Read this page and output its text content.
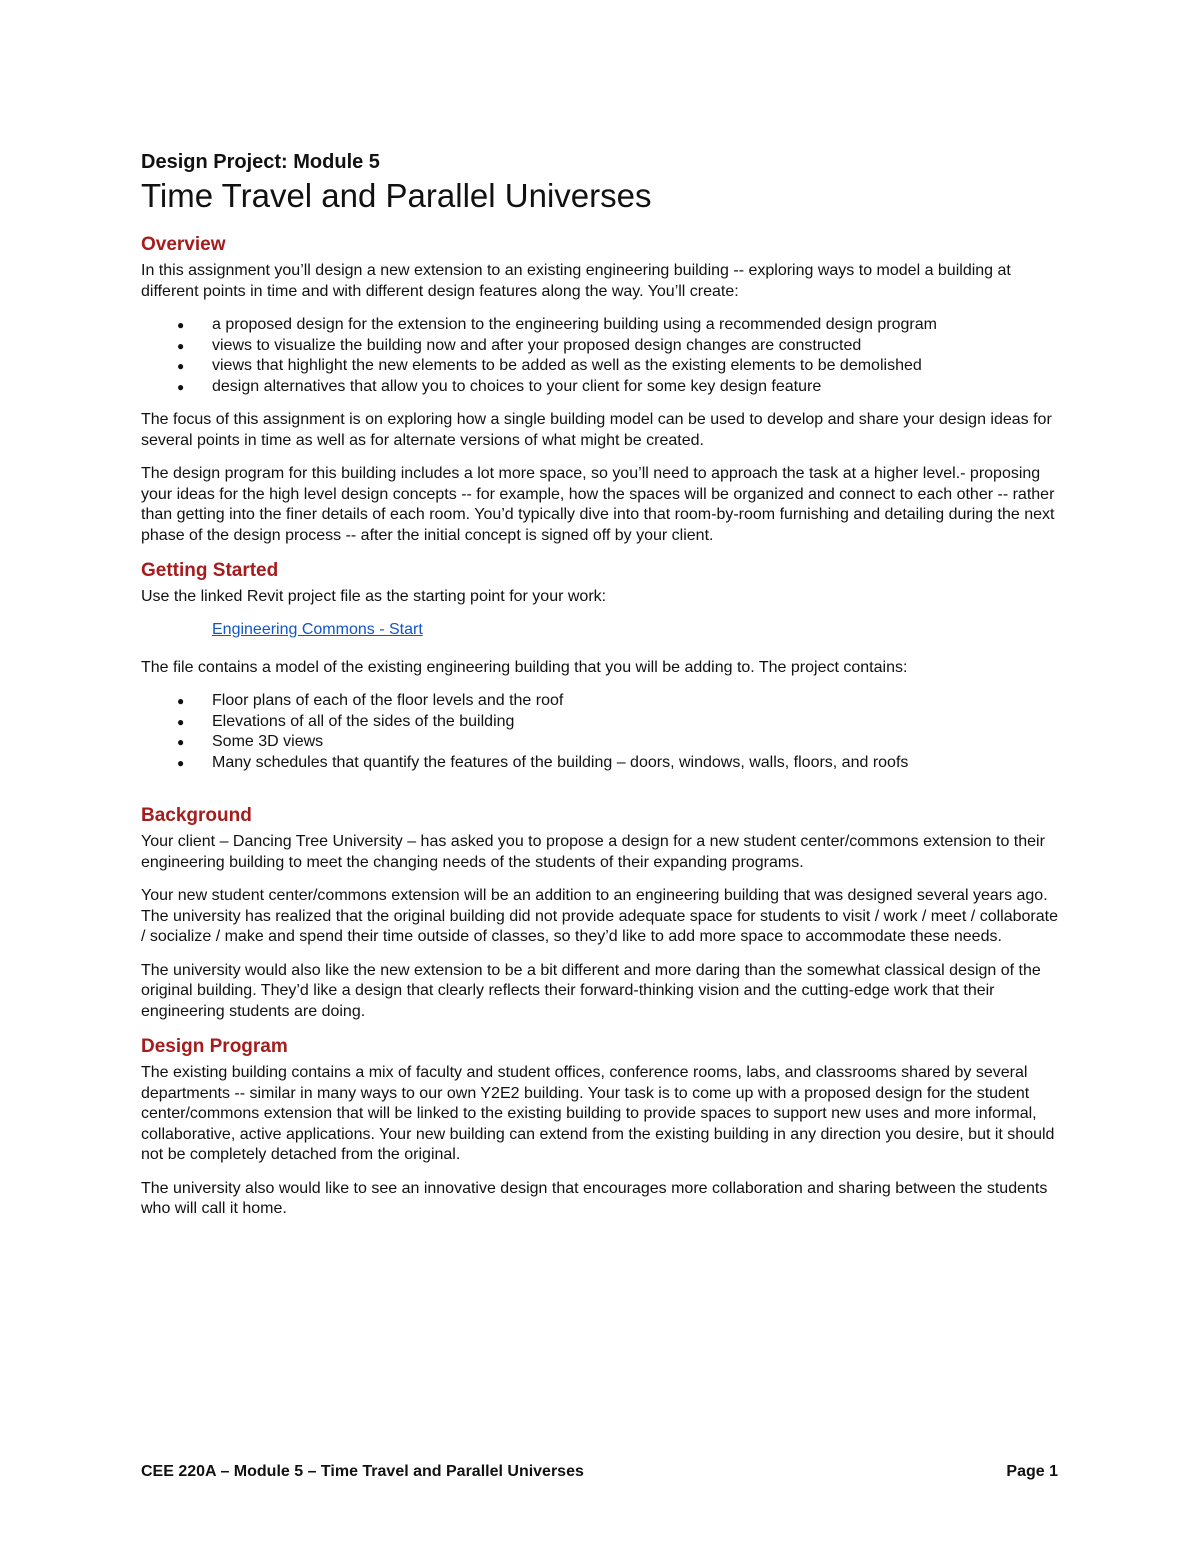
Design Project: Module 5
Time Travel and Parallel Universes
Overview

In this assignment you’ll design a new extension to an existing engineering building -- exploring ways to model a building at different points in time and with different design features along the way. You’ll create:

● a proposed design for the extension to the engineering building using a recommended design program
● views to visualize the building now and after your proposed design changes are constructed
● views that highlight the new elements to be added as well as the existing elements to be demolished
● design alternatives that allow you to choices to your client for some key design feature

The focus of this assignment is on exploring how a single building model can be used to develop and share your design ideas for several points in time as well as for alternate versions of what might be created.

The design program for this building includes a lot more space, so you’ll need to approach the task at a higher level.- proposing your ideas for the high level design concepts -- for example, how the spaces will be organized and connect to each other -- rather than getting into the finer details of each room. You’d typically dive into that room-by-room furnishing and detailing during the next phase of the design process -- after the initial concept is signed off by your client.

Getting Started

Use the linked Revit project file as the starting point for your work:

Engineering Commons - Start

The file contains a model of the existing engineering building that you will be adding to. The project contains:

● Floor plans of each of the floor levels and the roof
● Elevations of all of the sides of the building
● Some 3D views
● Many schedules that quantify the features of the building – doors, windows, walls, floors, and roofs
Background

Your client – Dancing Tree University – has asked you to propose a design for a new student center/commons extension to their engineering building to meet the changing needs of the students of their expanding programs.

Your new student center/commons extension will be an addition to an engineering building that was designed several years ago. The university has realized that the original building did not provide adequate space for students to visit / work / meet / collaborate / socialize / make and spend their time outside of classes, so they’d like to add more space to accommodate these needs.

The university would also like the new extension to be a bit different and more daring than the somewhat classical design of the original building. They’d like a design that clearly reflects their forward-thinking vision and the cutting-edge work that their engineering students are doing.

Design Program

The existing building contains a mix of faculty and student offices, conference rooms, labs, and classrooms shared by several departments -- similar in many ways to our own Y2E2 building. Your task is to come up with a proposed design for the student center/commons extension that will be linked to the existing building to provide spaces to support new uses and more informal, collaborative, active applications. Your new building can extend from the existing building in any direction you desire, but it should not be completely detached from the original.

The university also would like to see an innovative design that encourages more collaboration and sharing between the students who will call it home.

CEE 220A – Module 5 – Time Travel and Parallel Universes	Page 1
